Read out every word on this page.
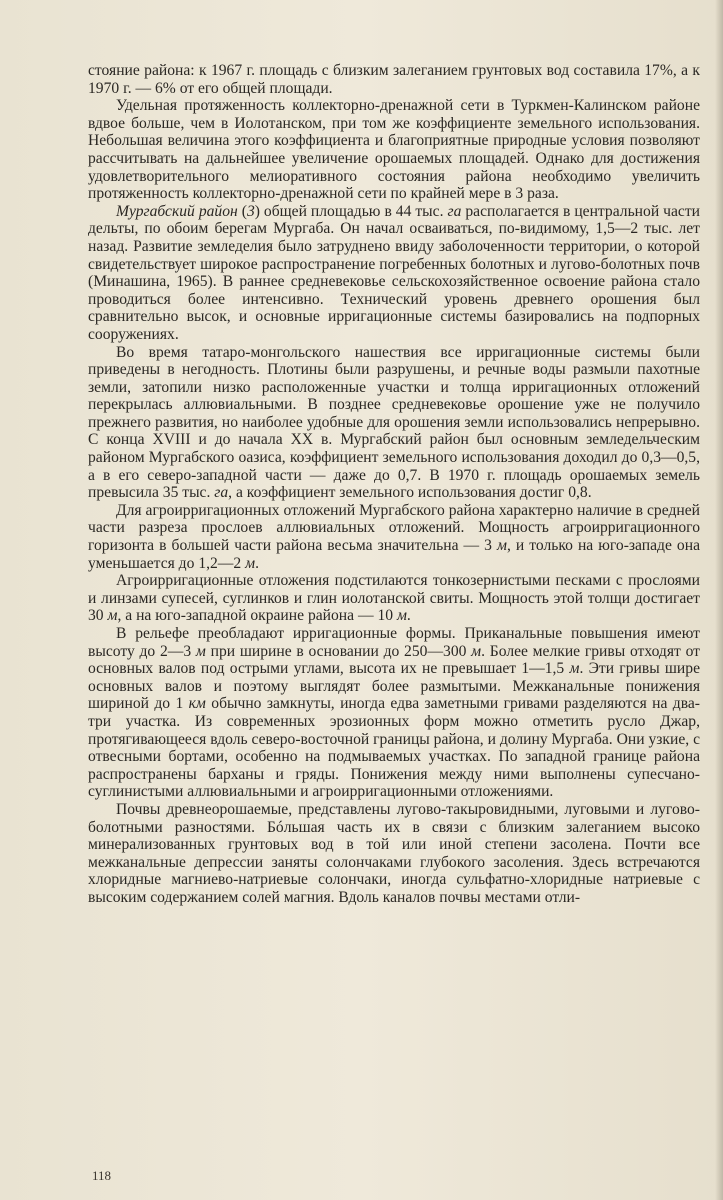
стояние района: к 1967 г. площадь с близким залеганием грунтовых вод составила 17%, а к 1970 г. — 6% от его общей площади.

Удельная протяженность коллекторно-дренажной сети в Туркмен-Калинском районе вдвое больше, чем в Иолотанском, при том же коэффициенте земельного использования. Небольшая величина этого коэффициента и благоприятные природные условия позволяют рассчитывать на дальнейшее увеличение орошаемых площадей. Однако для достижения удовлетворительного мелиоративного состояния района необходимо увеличить протяженность коллекторно-дренажной сети по крайней мере в 3 раза.

Мургабский район (3) общей площадью в 44 тыс. га располагается в центральной части дельты, по обоим берегам Мургаба. Он начал осваиваться, по-видимому, 1,5—2 тыс. лет назад. Развитие земледелия было затруднено ввиду заболоченности территории, о которой свидетельствует широкое распространение погребенных болотных и лугово-болотных почв (Минашина, 1965). В раннее средневековье сельскохозяйственное освоение района стало проводиться более интенсивно. Технический уровень древнего орошения был сравнительно высок, и основные ирригационные системы базировались на подпорных сооружениях.

Во время татаро-монгольского нашествия все ирригационные системы были приведены в негодность. Плотины были разрушены, и речные воды размыли пахотные земли, затопили низко расположенные участки и толща ирригационных отложений перекрылась аллювиальными. В позднее средневековье орошение уже не получило прежнего развития, но наиболее удобные для орошения земли использовались непрерывно. С конца XVIII и до начала XX в. Мургабский район был основным земледельческим районом Мургабского оазиса, коэффициент земельного использования доходил до 0,3—0,5, а в его северо-западной части — даже до 0,7. В 1970 г. площадь орошаемых земель превысила 35 тыс. га, а коэффициент земельного использования достиг 0,8.

Для агроирригационных отложений Мургабского района характерно наличие в средней части разреза прослоев аллювиальных отложений. Мощность агроирригационного горизонта в большей части района весьма значительна — 3 м, и только на юго-западе она уменьшается до 1,2—2 м.

Агроирригационные отложения подстилаются тонкозернистыми песками с прослоями и линзами супесей, суглинков и глин иолотанской свиты. Мощность этой толщи достигает 30 м, а на юго-западной окраине района — 10 м.

В рельефе преобладают ирригационные формы. Приканальные повышения имеют высоту до 2—3 м при ширине в основании до 250—300 м. Более мелкие гривы отходят от основных валов под острыми углами, высота их не превышает 1—1,5 м. Эти гривы шире основных валов и поэтому выглядят более размытыми. Межканальные понижения шириной до 1 км обычно замкнуты, иногда едва заметными гривами разделяются на два-три участка. Из современных эрозионных форм можно отметить русло Джар, протягивающееся вдоль северо-восточной границы района, и долину Мургаба. Они узкие, с отвесными бортами, особенно на подмываемых участках. По западной границе района распространены барханы и гряды. Понижения между ними выполнены супесчано-суглинистыми аллювиальными и агроирригационными отложениями.

Почвы древнеорошаемые, представлены лугово-такыровидными, луговыми и лугово-болотными разностями. Бóльшая часть их в связи с близким залеганием высоко минерализованных грунтовых вод в той или иной степени засолена. Почти все межканальные депрессии заняты солончаками глубокого засоления. Здесь встречаются хлоридные магниево-натриевые солончаки, иногда сульфатно-хлоридные натриевые с высоким содержанием солей магния. Вдоль каналов почвы местами отли-

118
